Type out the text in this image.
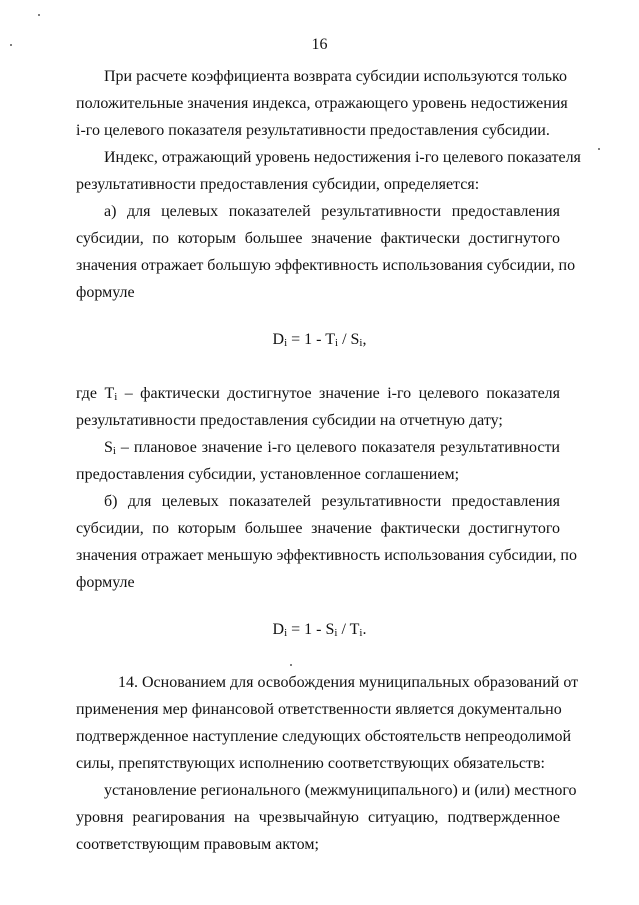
16
При расчете коэффициента возврата субсидии используются только
положительные значения индекса, отражающего уровень недостижения
i-го целевого показателя результативности предоставления субсидии.
Индекс, отражающий уровень недостижения i-го целевого показателя
результативности предоставления субсидии, определяется:
а) для целевых показателей результативности предоставления
субсидии, по которым большее значение фактически достигнутого
значения отражает большую эффективность использования субсидии, по
формуле
Di = 1 - Ti / Si,
где Ti – фактически достигнутое значение i-го целевого показателя
результативности предоставления субсидии на отчетную дату;
Si – плановое значение i-го целевого показателя результативности
предоставления субсидии, установленное соглашением;
б) для целевых показателей результативности предоставления
субсидии, по которым большее значение фактически достигнутого
значения отражает меньшую эффективность использования субсидии, по
формуле
Di = 1 - Si / Ti.
14. Основанием для освобождения муниципальных образований от
применения мер финансовой ответственности является документально
подтвержденное наступление следующих обстоятельств непреодолимой
силы, препятствующих исполнению соответствующих обязательств:
установление регионального (межмуниципального) и (или) местного
уровня реагирования на чрезвычайную ситуацию, подтвержденное
соответствующим правовым актом;
